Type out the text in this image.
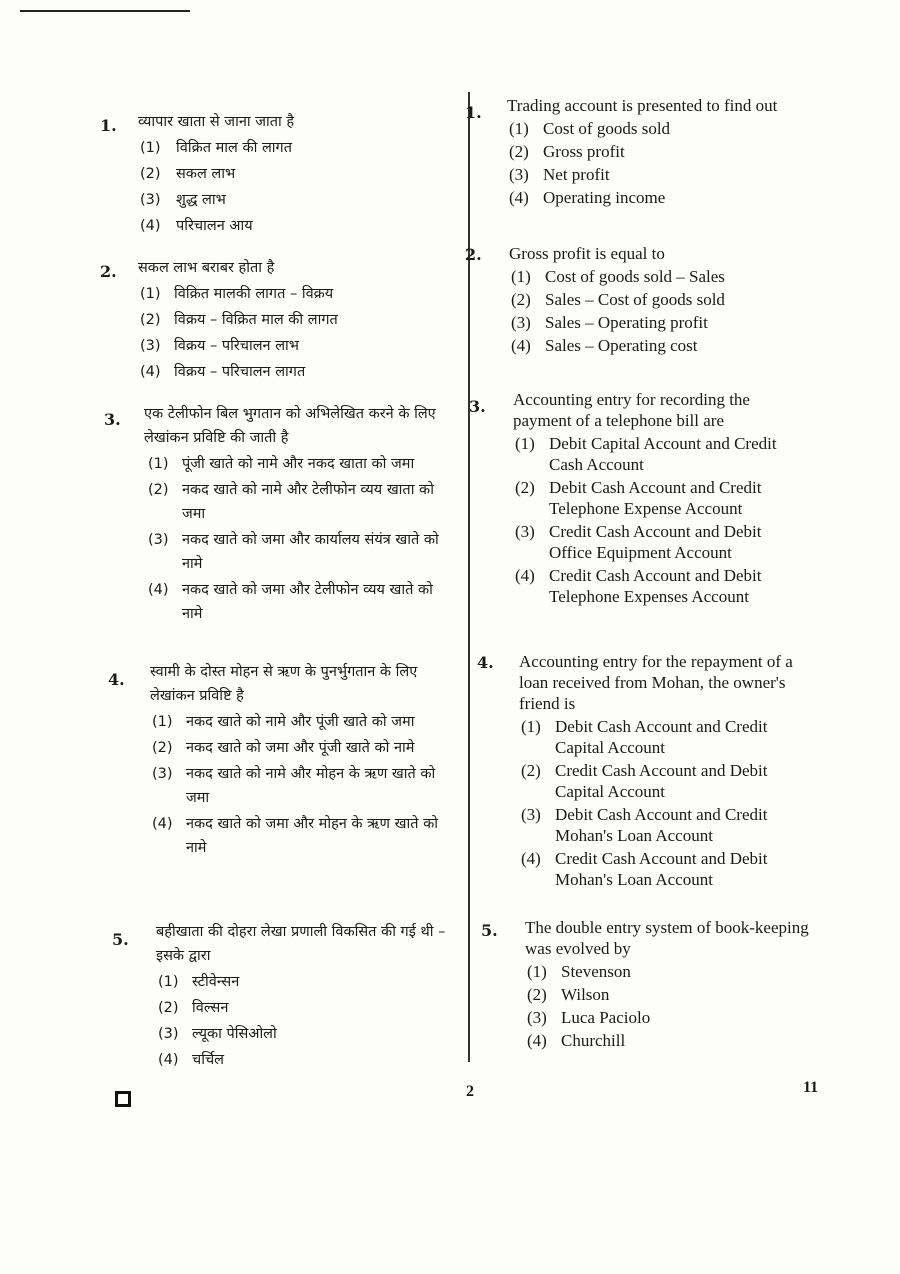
1. व्यापार खाता से जाना जाता है
(1) विक्रित माल की लागत
(2) सकल लाभ
(3) शुद्ध लाभ
(4) परिचालन आय
2. सकल लाभ बराबर होता है
(1) विक्रित मालकी लागत – विक्रय
(2) विक्रय – विक्रित माल की लागत
(3) विक्रय – परिचालन लाभ
(4) विक्रय – परिचालन लागत
3. एक टेलीफोन बिल भुगतान को अभिलेखित करने के लिए लेखांकन प्रविष्टि की जाती है
(1) पूंजी खाते को नामे और नकद खाता को जमा
(2) नकद खाते को नामे और टेलीफोन व्यय खाता को जमा
(3) नकद खाते को जमा और कार्यालय संयंत्र खाते को नामे
(4) नकद खाते को जमा और टेलीफोन व्यय खाते को नामे
4. स्वामी के दोस्त मोहन से ऋण के पुनर्भुगतान के लिए लेखांकन प्रविष्टि है
(1) नकद खाते को नामे और पूंजी खाते को जमा
(2) नकद खाते को जमा और पूंजी खाते को नामे
(3) नकद खाते को नामे और मोहन के ऋण खाते को जमा
(4) नकद खाते को जमा और मोहन के ऋण खाते को नामे
5. बहीखाता की दोहरा लेखा प्रणाली विकसित की गई थी – इसके द्वारा
(1) स्टीवेन्सन
(2) विल्सन
(3) ल्यूका पेसिओलो
(4) चर्चिल
1. Trading account is presented to find out
(1) Cost of goods sold
(2) Gross profit
(3) Net profit
(4) Operating income
2. Gross profit is equal to
(1) Cost of goods sold – Sales
(2) Sales – Cost of goods sold
(3) Sales – Operating profit
(4) Sales – Operating cost
3. Accounting entry for recording the payment of a telephone bill are
(1) Debit Capital Account and Credit Cash Account
(2) Debit Cash Account and Credit Telephone Expense Account
(3) Credit Cash Account and Debit Office Equipment Account
(4) Credit Cash Account and Debit Telephone Expenses Account
4. Accounting entry for the repayment of a loan received from Mohan, the owner's friend is
(1) Debit Cash Account and Credit Capital Account
(2) Credit Cash Account and Debit Capital Account
(3) Debit Cash Account and Credit Mohan's Loan Account
(4) Credit Cash Account and Debit Mohan's Loan Account
5. The double entry system of book-keeping was evolved by
(1) Stevenson
(2) Wilson
(3) Luca Paciolo
(4) Churchill
2	11
